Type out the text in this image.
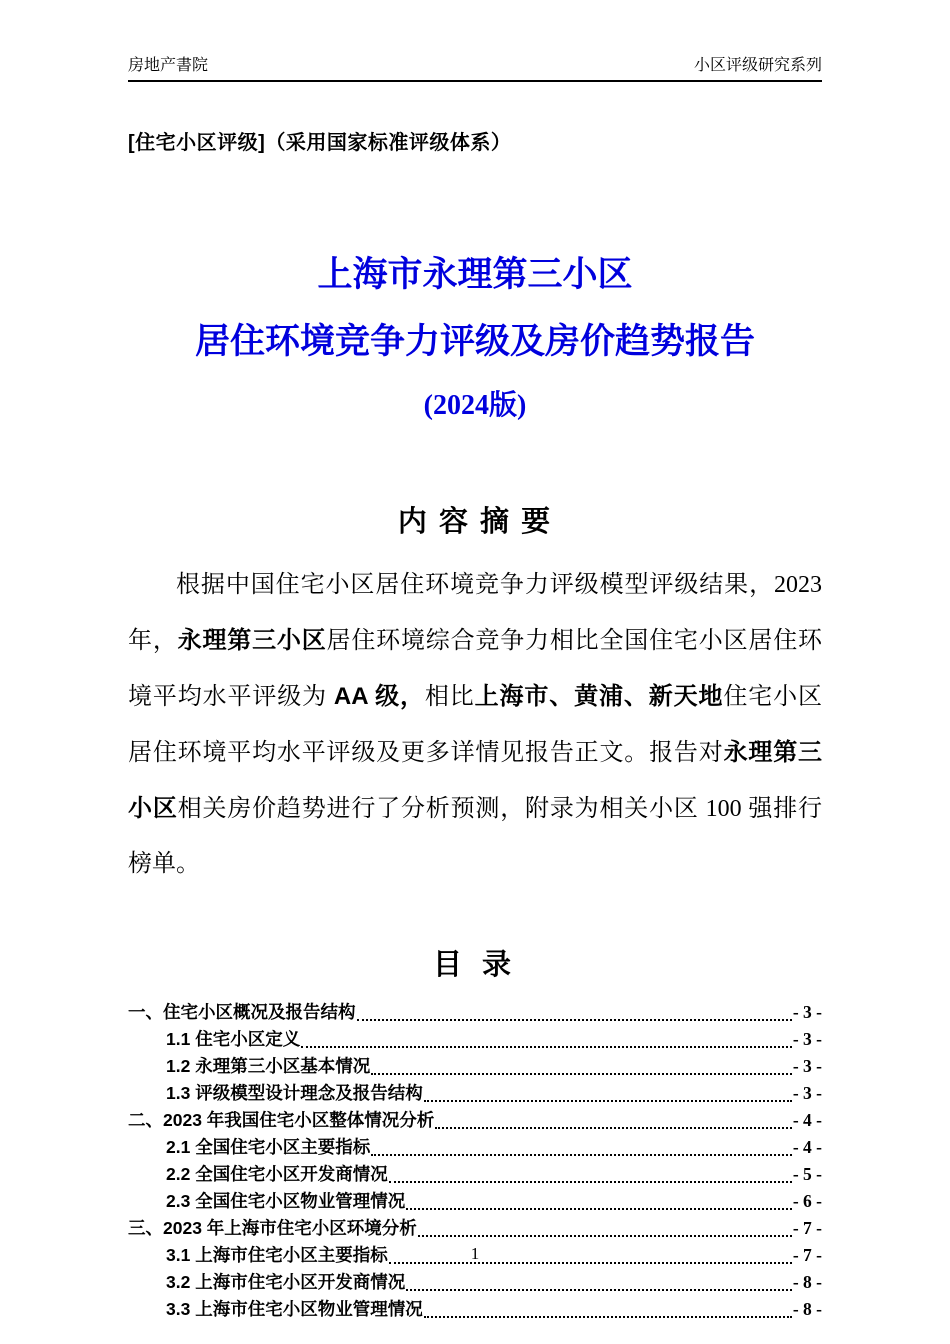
房地产書院	小区评级研究系列
[住宅小区评级]（采用国家标准评级体系）
上海市永理第三小区
居住环境竞争力评级及房价趋势报告
(2024版)
内 容 摘 要
根据中国住宅小区居住环境竞争力评级模型评级结果，2023 年，永理第三小区居住环境综合竞争力相比全国住宅小区居住环境平均水平评级为 AA 级，相比上海市、黄浦、新天地住宅小区居住环境平均水平评级及更多详情见报告正文。报告对永理第三小区相关房价趋势进行了分析预测，附录为相关小区 100 强排行榜单。
目 录
一、住宅小区概况及报告结构	- 3 -
1.1 住宅小区定义	- 3 -
1.2 永理第三小区基本情况	- 3 -
1.3 评级模型设计理念及报告结构	- 3 -
二、2023 年我国住宅小区整体情况分析	- 4 -
2.1 全国住宅小区主要指标	- 4 -
2.2 全国住宅小区开发商情况	- 5 -
2.3 全国住宅小区物业管理情况	- 6 -
三、2023 年上海市住宅小区环境分析	- 7 -
3.1 上海市住宅小区主要指标	- 7 -
3.2 上海市住宅小区开发商情况	- 8 -
3.3 上海市住宅小区物业管理情况	- 8 -
1
